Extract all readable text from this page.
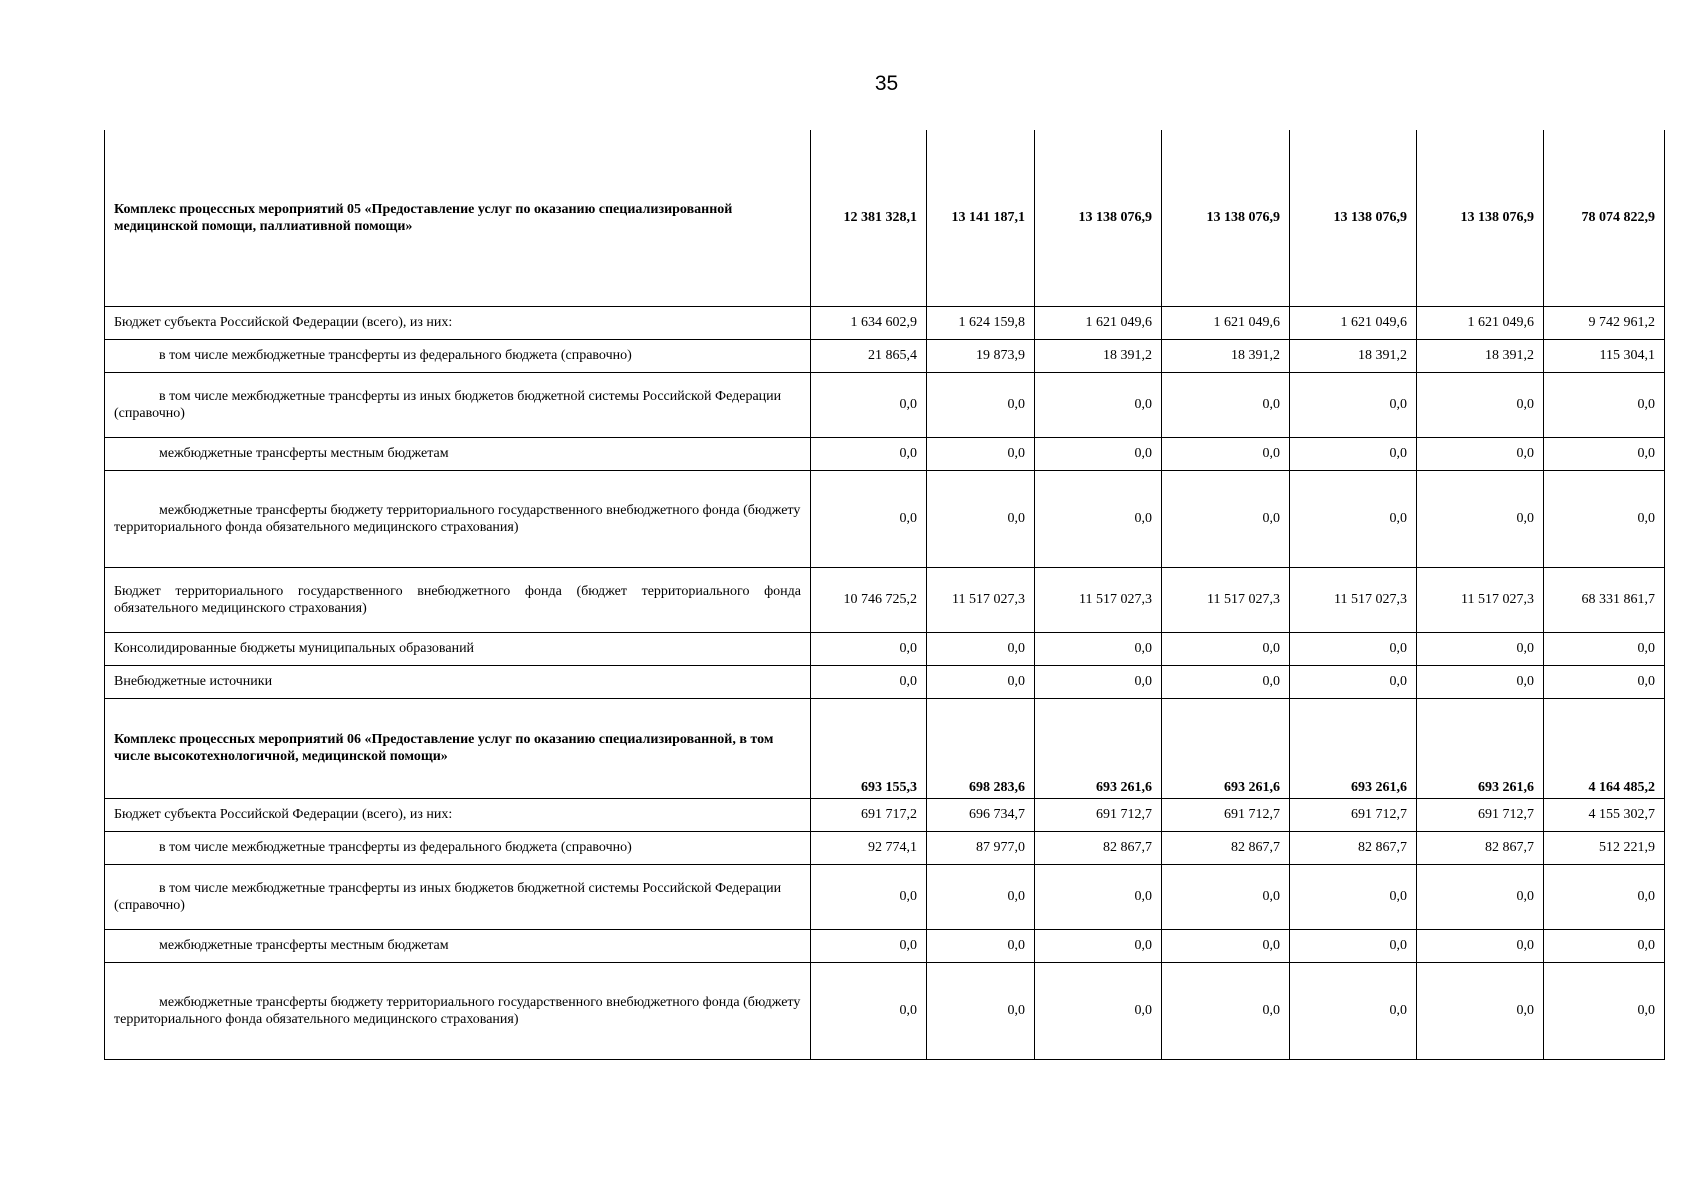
35
Комплекс процессных мероприятий 05 «Предоставление услуг по оказанию специализированной медицинской помощи, паллиативной помощи»	12 381 328,1	13 141 187,1	13 138 076,9	13 138 076,9	13 138 076,9	13 138 076,9	78 074 822,9
Бюджет субъекта Российской Федерации (всего), из них:	1 634 602,9	1 624 159,8	1 621 049,6	1 621 049,6	1 621 049,6	1 621 049,6	9 742 961,2
в том числе межбюджетные трансферты из федерального бюджета (справочно)	21 865,4	19 873,9	18 391,2	18 391,2	18 391,2	18 391,2	115 304,1
в том числе межбюджетные трансферты из иных бюджетов бюджетной системы Российской Федерации (справочно)	0,0	0,0	0,0	0,0	0,0	0,0	0,0
межбюджетные трансферты местным бюджетам	0,0	0,0	0,0	0,0	0,0	0,0	0,0
межбюджетные трансферты бюджету территориального государственного внебюджетного фонда (бюджету территориального фонда обязательного медицинского страхования)	0,0	0,0	0,0	0,0	0,0	0,0	0,0
Бюджет территориального государственного внебюджетного фонда (бюджет территориального фонда обязательного медицинского страхования)	10 746 725,2	11 517 027,3	11 517 027,3	11 517 027,3	11 517 027,3	11 517 027,3	68 331 861,7
Консолидированные бюджеты муниципальных образований	0,0	0,0	0,0	0,0	0,0	0,0	0,0
Внебюджетные источники	0,0	0,0	0,0	0,0	0,0	0,0	0,0
Комплекс процессных мероприятий 06 «Предоставление услуг по оказанию специализированной, в том числе высокотехнологичной, медицинской помощи»	693 155,3	698 283,6	693 261,6	693 261,6	693 261,6	693 261,6	4 164 485,2
Бюджет субъекта Российской Федерации (всего), из них:	691 717,2	696 734,7	691 712,7	691 712,7	691 712,7	691 712,7	4 155 302,7
в том числе межбюджетные трансферты из федерального бюджета (справочно)	92 774,1	87 977,0	82 867,7	82 867,7	82 867,7	82 867,7	512 221,9
в том числе межбюджетные трансферты из иных бюджетов бюджетной системы Российской Федерации (справочно)	0,0	0,0	0,0	0,0	0,0	0,0	0,0
межбюджетные трансферты местным бюджетам	0,0	0,0	0,0	0,0	0,0	0,0	0,0
межбюджетные трансферты бюджету территориального государственного внебюджетного фонда (бюджету территориального фонда обязательного медицинского страхования)	0,0	0,0	0,0	0,0	0,0	0,0	0,0
